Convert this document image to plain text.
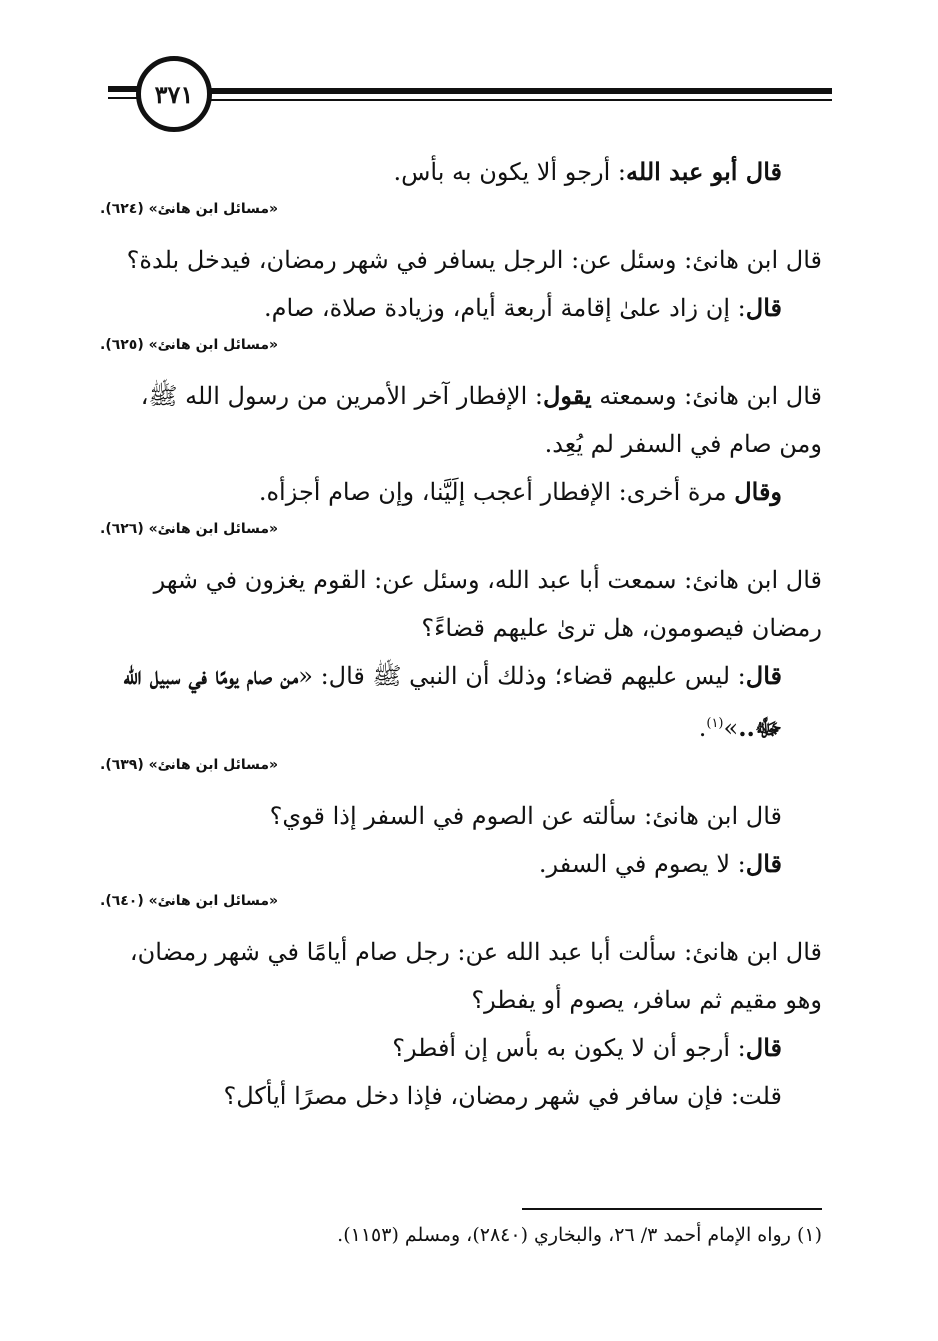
٣٧١

قال أبو عبد الله: أرجو ألا يكون به بأس.

«مسائل ابن هانئ» (٦٢٤).

قال ابن هانئ: وسئل عن: الرجل يسافر في شهر رمضان، فيدخل بلدة؟

قال: إن زاد علىٰ إقامة أربعة أيام، وزيادة صلاة، صام.

«مسائل ابن هانئ» (٦٢٥).

قال ابن هانئ: وسمعته يقول: الإفطار آخر الأمرين من رسول الله ﷺ، ومن صام في السفر لم يُعِد.

وقال مرة أخرى: الإفطار أعجب إلَيَّنا، وإن صام أجزأه.

«مسائل ابن هانئ» (٦٢٦).

قال ابن هانئ: سمعت أبا عبد الله، وسئل عن: القوم يغزون في شهر رمضان فيصومون، هل ترىٰ عليهم قضاءً؟

قال: ليس عليهم قضاء؛ وذلك أن النبي ﷺ قال: «من صام يومًا في سبيل الله ﷻ..»$^{(١)}$.

«مسائل ابن هانئ» (٦٣٩).

قال ابن هانئ: سألته عن الصوم في السفر إذا قوي؟

قال: لا يصوم في السفر.

«مسائل ابن هانئ» (٦٤٠).

قال ابن هانئ: سألت أبا عبد الله عن: رجل صام أيامًا في شهر رمضان، وهو مقيم ثم سافر، يصوم أو يفطر؟

قال: أرجو أن لا يكون به بأس إن أفطر؟

قلت: فإن سافر في شهر رمضان، فإذا دخل مصرًا أيأكل؟

(١) رواه الإمام أحمد ٣/ ٢٦، والبخاري (٢٨٤٠)، ومسلم (١١٥٣).
